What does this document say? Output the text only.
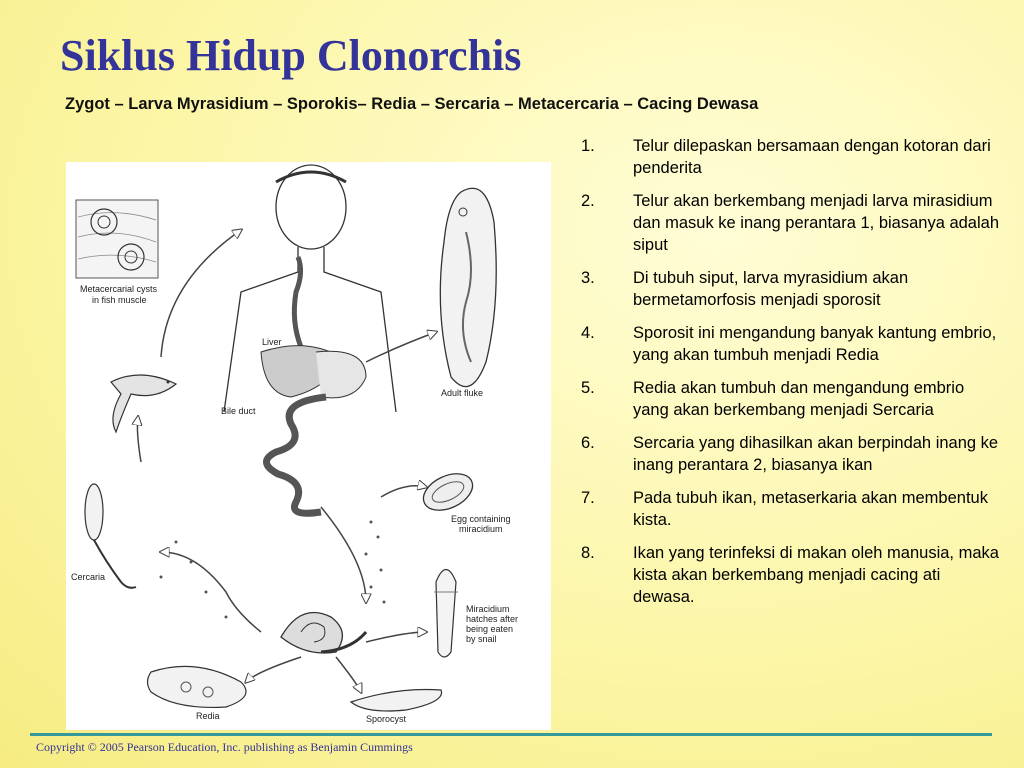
Siklus Hidup Clonorchis
Zygot – Larva Myrasidium – Sporokis– Redia – Sercaria – Metacercaria – Cacing Dewasa
Metacercarial cysts
in fish muscle
Liver
Bile duct
Adult fluke
Egg containing
miracidium
Miracidium
hatches after
being eaten
by snail
Redia	Sporocyst
Cercaria
1. Telur dilepaskan bersamaan dengan kotoran dari penderita
2. Telur akan berkembang menjadi larva mirasidium dan masuk ke inang perantara 1, biasanya adalah siput
3. Di tubuh siput, larva myrasidium akan bermetamorfosis menjadi sporosit
4. Sporosit ini mengandung banyak kantung embrio, yang akan tumbuh menjadi Redia
5. Redia akan tumbuh dan mengandung embrio yang akan berkembang menjadi Sercaria
6. Sercaria yang dihasilkan akan berpindah inang ke inang perantara 2, biasanya ikan
7. Pada tubuh ikan, metaserkaria akan membentuk kista.
8. Ikan yang terinfeksi di makan oleh manusia, maka kista akan berkembang menjadi cacing ati dewasa.
Copyright © 2005 Pearson Education, Inc. publishing as Benjamin Cummings
